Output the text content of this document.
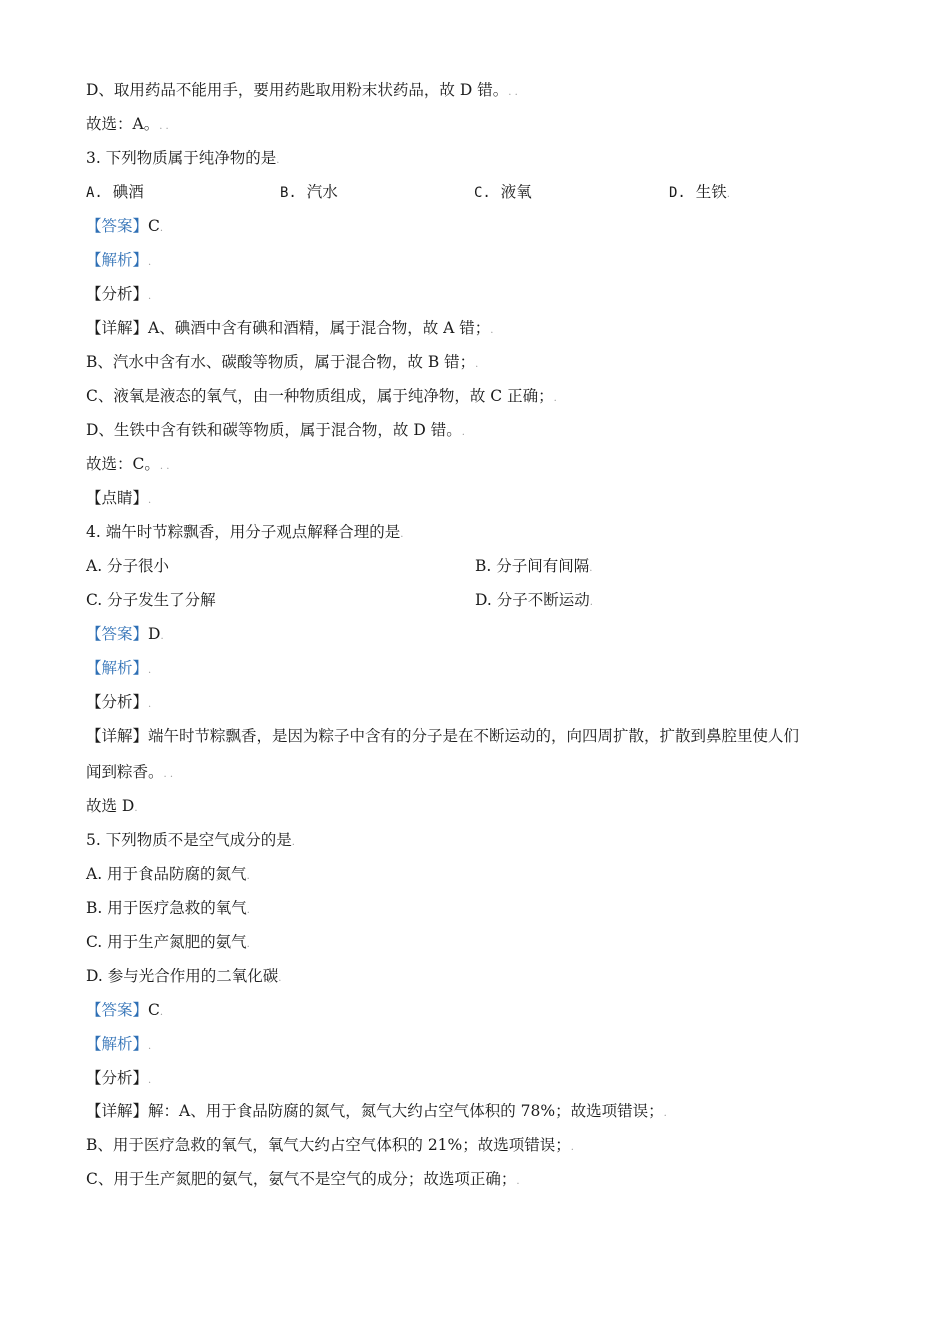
D、取用药品不能用手，要用药匙取用粉末状药品，故 D 错。. .
故选：A。. .
3. 下列物质属于纯净物的是.
A. 碘酒	B. 汽水	C. 液氧	D. 生铁.
【答案】C.
【解析】.
【分析】.
【详解】A、碘酒中含有碘和酒精，属于混合物，故 A 错；.
B、汽水中含有水、碳酸等物质，属于混合物，故 B 错；.
C、液氧是液态的氧气，由一种物质组成，属于纯净物，故 C 正确；.
D、生铁中含有铁和碳等物质，属于混合物，故 D 错。.
故选：C。. .
【点睛】.
4. 端午时节粽飘香，用分子观点解释合理的是.
A. 分子很小	B. 分子间有间隔.
C. 分子发生了分解	D. 分子不断运动.
【答案】D.
【解析】.
【分析】.
【详解】端午时节粽飘香，是因为粽子中含有的分子是在不断运动的，向四周扩散，扩散到鼻腔里使人们
闻到粽香。. .
故选 D.
5. 下列物质不是空气成分的是.
A. 用于食品防腐的氮气.
B. 用于医疗急救的氧气.
C. 用于生产氮肥的氨气.
D. 参与光合作用的二氧化碳.
【答案】C.
【解析】.
【分析】.
【详解】解：A、用于食品防腐的氮气，氮气大约占空气体积的 78%；故选项错误；.
B、用于医疗急救的氧气，氧气大约占空气体积的 21%；故选项错误；.
C、用于生产氮肥的氨气，氨气不是空气的成分；故选项正确；.
